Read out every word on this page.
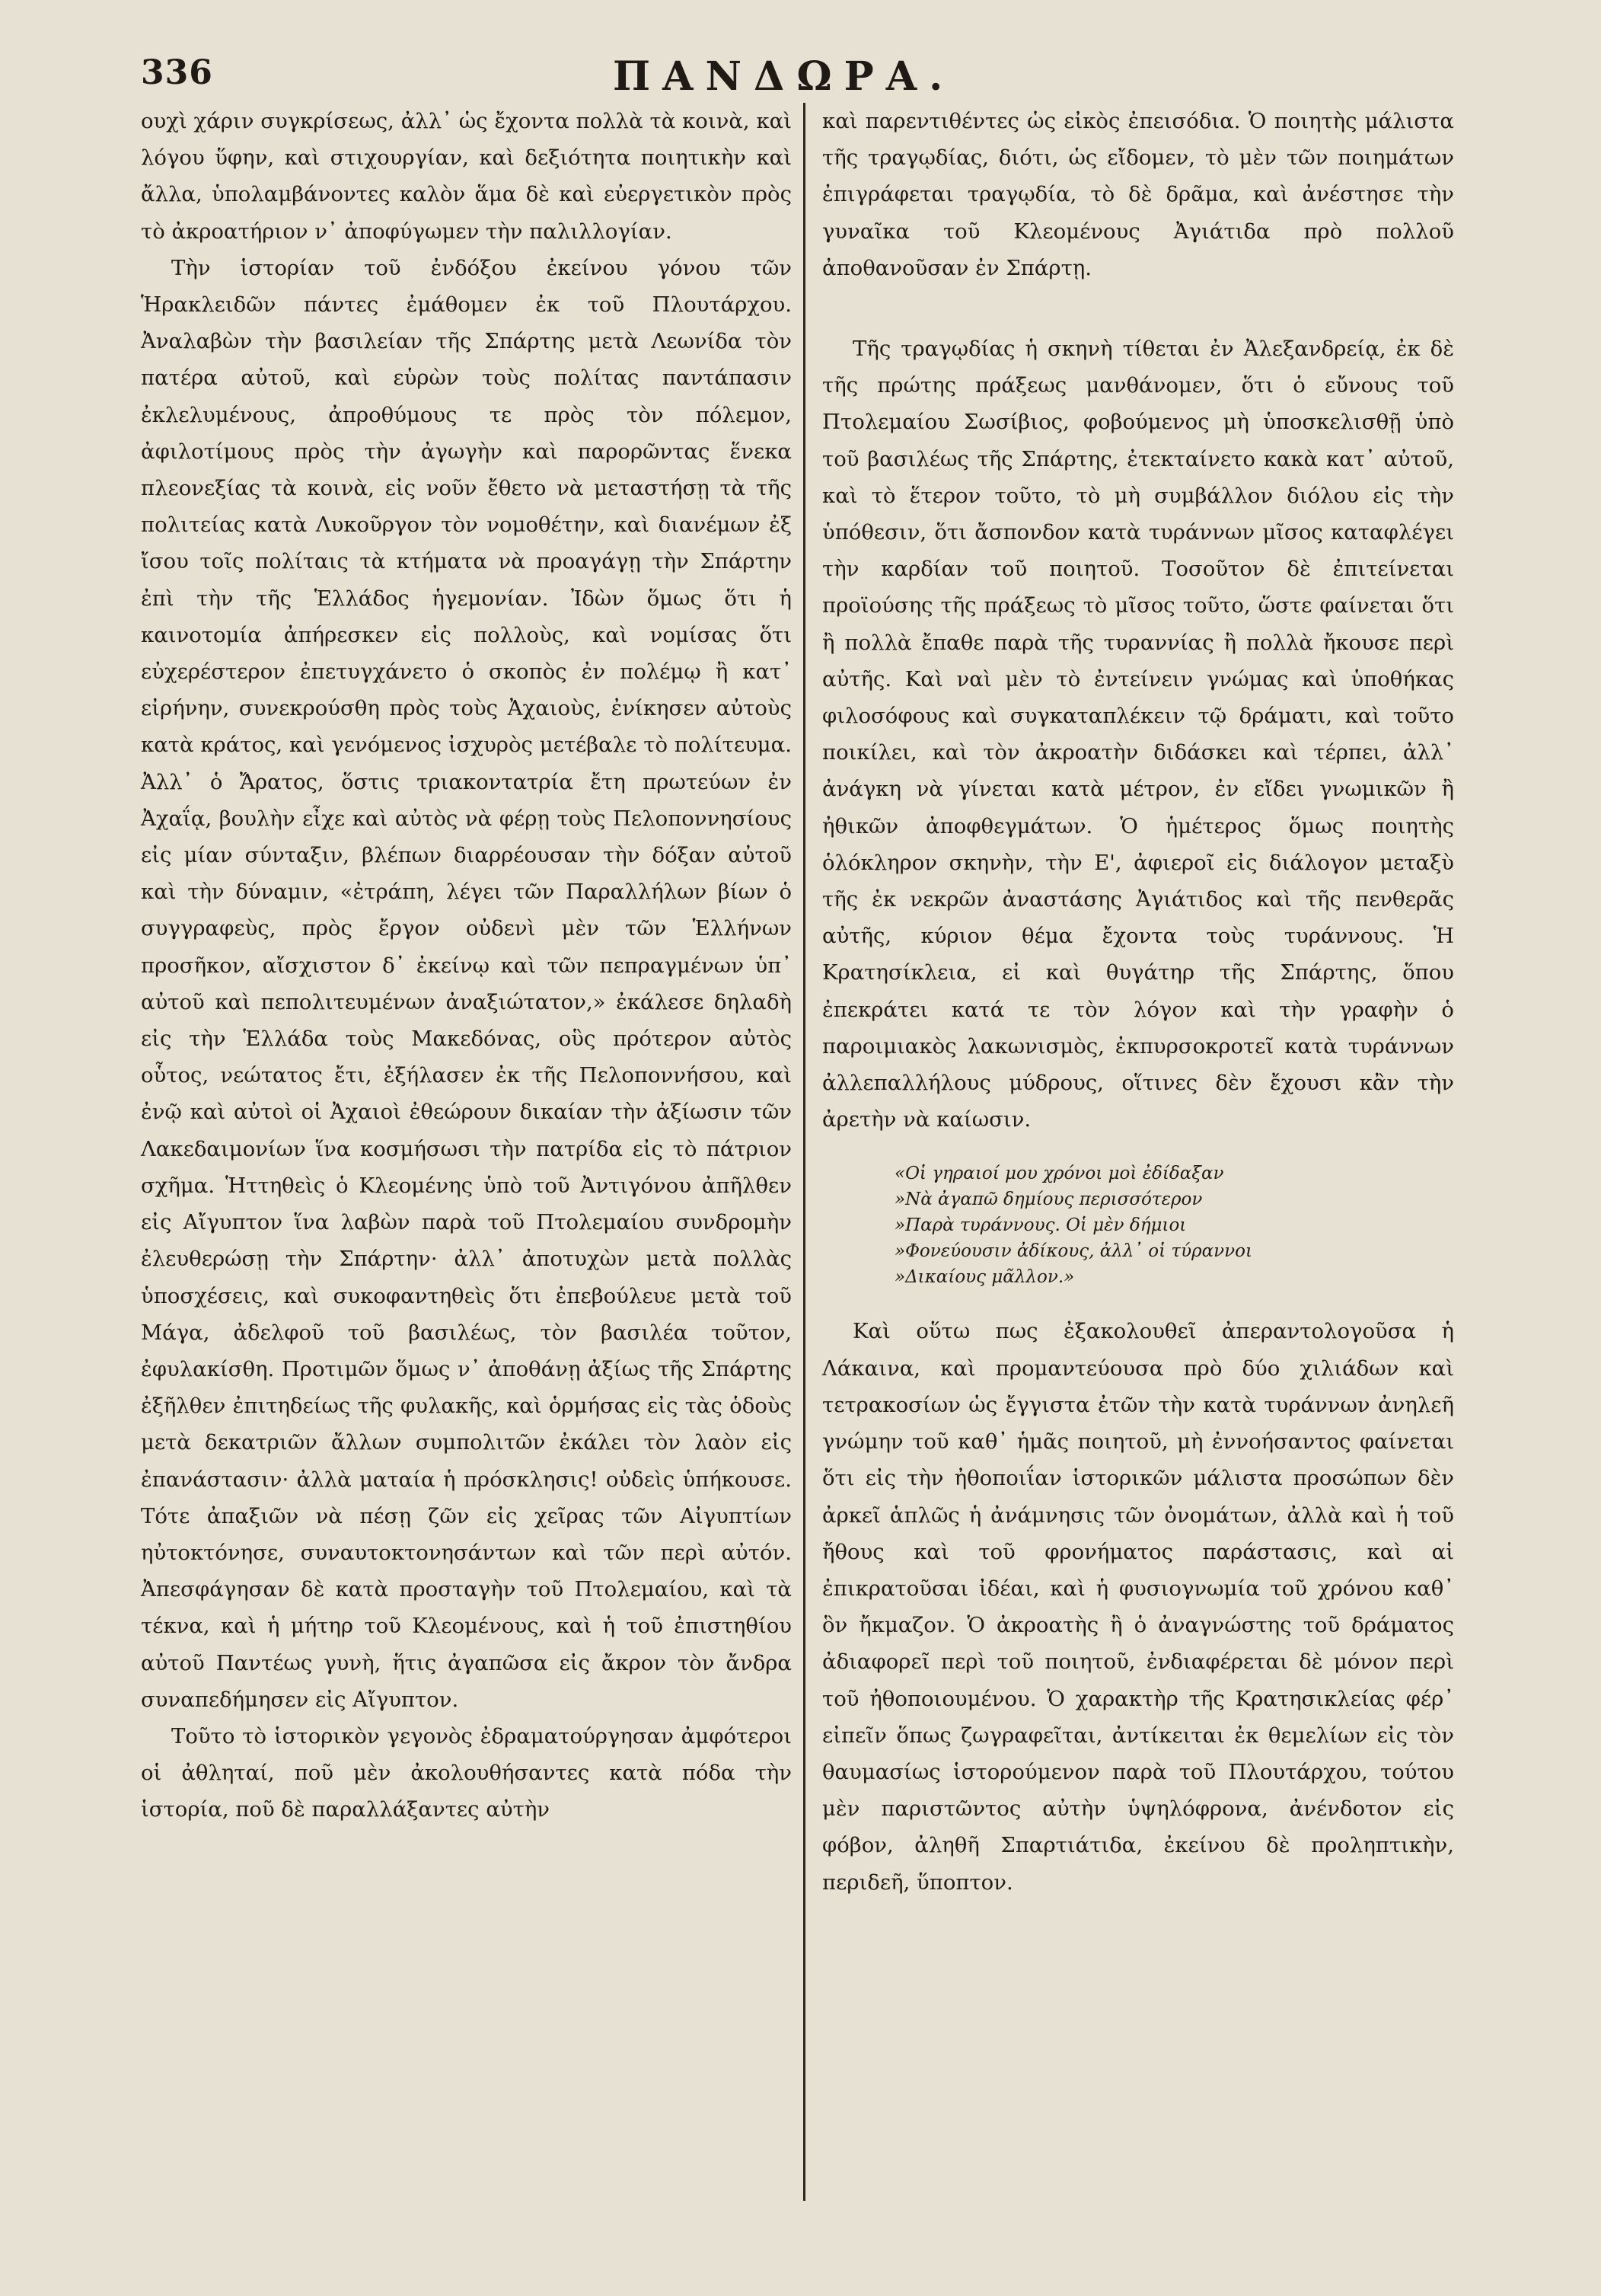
336	ΠΑΝΔΩΡΑ.

ουχὶ χάριν συγκρίσεως, ἀλλ᾽ ὡς ἔχοντα πολλὰ τὰ κοινὰ, καὶ λόγου ὕφην, καὶ στιχουργίαν, καὶ δεξιότητα ποιητικὴν καὶ ἄλλα, ὑπολαμβάνοντες καλὸν ἅμα δὲ καὶ εὐεργετικὸν πρὸς τὸ ἀκροατήριον ν᾽ ἀποφύγωμεν τὴν παλιλλογίαν.

Τὴν ἱστορίαν τοῦ ἐνδόξου ἐκείνου γόνου τῶν Ἡρακλειδῶν πάντες ἐμάθομεν ἐκ τοῦ Πλουτάρχου. Ἀναλαβὼν τὴν βασιλείαν τῆς Σπάρτης μετὰ Λεωνίδα τὸν πατέρα αὐτοῦ, καὶ εὑρὼν τοὺς πολίτας παντάπασιν ἐκλελυμένους, ἀπροθύμους τε πρὸς τὸν πόλεμον, ἀφιλοτίμους πρὸς τὴν ἀγωγὴν καὶ παρορῶντας ἕνεκα πλεονεξίας τὰ κοινὰ, εἰς νοῦν ἔθετο νὰ μεταστήσῃ τὰ τῆς πολιτείας κατὰ Λυκοῦργον τὸν νομοθέτην, καὶ διανέμων ἐξ ἴσου τοῖς πολίταις τὰ κτήματα νὰ προαγάγῃ τὴν Σπάρτην ἐπὶ τὴν τῆς Ἑλλάδος ἡγεμονίαν. Ἰδὼν ὅμως ὅτι ἡ καινοτομία ἀπήρεσκεν εἰς πολλοὺς, καὶ νομίσας ὅτι εὐχερέστερον ἐπετυγχάνετο ὁ σκοπὸς ἐν πολέμῳ ἢ κατ᾽ εἰρήνην, συνεκρούσθη πρὸς τοὺς Ἀχαιοὺς, ἐνίκησεν αὐτοὺς κατὰ κράτος, καὶ γενόμενος ἰσχυρὸς μετέβαλε τὸ πολίτευμα. Ἀλλ᾽ ὁ Ἄρατος, ὅστις τριακοντατρία ἔτη πρωτεύων ἐν Ἀχαΐᾳ, βουλὴν εἶχε καὶ αὐτὸς νὰ φέρῃ τοὺς Πελοποννησίους εἰς μίαν σύνταξιν, βλέπων διαρρέουσαν τὴν δόξαν αὐτοῦ καὶ τὴν δύναμιν, «ἐτράπη, λέγει τῶν Παραλλήλων βίων ὁ συγγραφεὺς, πρὸς ἔργον οὐδενὶ μὲν τῶν Ἑλλήνων προσῆκον, αἴσχιστον δ᾽ ἐκείνῳ καὶ τῶν πεπραγμένων ὑπ᾽ αὐτοῦ καὶ πεπολιτευμένων ἀναξιώτατον,» ἐκάλεσε δηλαδὴ εἰς τὴν Ἑλλάδα τοὺς Μακεδόνας, οὓς πρότερον αὐτὸς οὗτος, νεώτατος ἔτι, ἐξήλασεν ἐκ τῆς Πελοποννήσου, καὶ ἐνῷ καὶ αὐτοὶ οἱ Ἀχαιοὶ ἐθεώρουν δικαίαν τὴν ἀξίωσιν τῶν Λακεδαιμονίων ἵνα κοσμήσωσι τὴν πατρίδα εἰς τὸ πάτριον σχῆμα. Ἡττηθεὶς ὁ Κλεομένης ὑπὸ τοῦ Ἀντιγόνου ἀπῆλθεν εἰς Αἴγυπτον ἵνα λαβὼν παρὰ τοῦ Πτολεμαίου συνδρομὴν ἐλευθερώσῃ τὴν Σπάρτην· ἀλλ᾽ ἀποτυχὼν μετὰ πολλὰς ὑποσχέσεις, καὶ συκοφαντηθεὶς ὅτι ἐπεβούλευε μετὰ τοῦ Μάγα, ἀδελφοῦ τοῦ βασιλέως, τὸν βασιλέα τοῦτον, ἐφυλακίσθη. Προτιμῶν ὅμως ν᾽ ἀποθάνῃ ἀξίως τῆς Σπάρτης ἐξῆλθεν ἐπιτηδείως τῆς φυλακῆς, καὶ ὁρμήσας εἰς τὰς ὁδοὺς μετὰ δεκατριῶν ἄλλων συμπολιτῶν ἐκάλει τὸν λαὸν εἰς ἐπανάστασιν· ἀλλὰ ματαία ἡ πρόσκλησις! οὐδεὶς ὑπήκουσε. Τότε ἀπαξιῶν νὰ πέσῃ ζῶν εἰς χεῖρας τῶν Αἰγυπτίων ηὐτοκτόνησε, συναυτοκτονησάντων καὶ τῶν περὶ αὐτόν. Ἀπεσφάγησαν δὲ κατὰ προσταγὴν τοῦ Πτολεμαίου, καὶ τὰ τέκνα, καὶ ἡ μήτηρ τοῦ Κλεομένους, καὶ ἡ τοῦ ἐπιστηθίου αὐτοῦ Παντέως γυνὴ, ἥτις ἀγαπῶσα εἰς ἄκρον τὸν ἄνδρα συναπεδήμησεν εἰς Αἴγυπτον.

Τοῦτο τὸ ἱστορικὸν γεγονὸς ἐδραματούργησαν ἀμφότεροι οἱ ἀθληταί, ποῦ μὲν ἀκολουθήσαντες κατὰ πόδα τὴν ἱστορία, ποῦ δὲ παραλλάξαντες αὐτὴν

καὶ παρεντιθέντες ὡς εἰκὸς ἐπεισόδια. Ὁ ποιητὴς μάλιστα τῆς τραγῳδίας, διότι, ὡς εἴδομεν, τὸ μὲν τῶν ποιημάτων ἐπιγράφεται τραγῳδία, τὸ δὲ δρᾶμα, καὶ ἀνέστησε τὴν γυναῖκα τοῦ Κλεομένους Ἀγιάτιδα πρὸ πολλοῦ ἀποθανοῦσαν ἐν Σπάρτῃ.

Τῆς τραγῳδίας ἡ σκηνὴ τίθεται ἐν Ἀλεξανδρείᾳ, ἐκ δὲ τῆς πρώτης πράξεως μανθάνομεν, ὅτι ὁ εὔνους τοῦ Πτολεμαίου Σωσίβιος, φοβούμενος μὴ ὑποσκελισθῇ ὑπὸ τοῦ βασιλέως τῆς Σπάρτης, ἐτεκταίνετο κακὰ κατ᾽ αὐτοῦ, καὶ τὸ ἕτερον τοῦτο, τὸ μὴ συμβάλλον διόλου εἰς τὴν ὑπόθεσιν, ὅτι ἄσπονδον κατὰ τυράννων μῖσος καταφλέγει τὴν καρδίαν τοῦ ποιητοῦ. Τοσοῦτον δὲ ἐπιτείνεται προϊούσης τῆς πράξεως τὸ μῖσος τοῦτο, ὥστε φαίνεται ὅτι ἢ πολλὰ ἔπαθε παρὰ τῆς τυραννίας ἢ πολλὰ ἤκουσε περὶ αὐτῆς. Καὶ ναὶ μὲν τὸ ἐντείνειν γνώμας καὶ ὑποθήκας φιλοσόφους καὶ συγκαταπλέκειν τῷ δράματι, καὶ τοῦτο ποικίλει, καὶ τὸν ἀκροατὴν διδάσκει καὶ τέρπει, ἀλλ᾽ ἀνάγκη νὰ γίνεται κατὰ μέτρον, ἐν εἴδει γνωμικῶν ἢ ἠθικῶν ἀποφθεγμάτων. Ὁ ἡμέτερος ὅμως ποιητὴς ὁλόκληρον σκηνὴν, τὴν Ε', ἀφιεροῖ εἰς διάλογον μεταξὺ τῆς ἐκ νεκρῶν ἀναστάσης Ἀγιάτιδος καὶ τῆς πενθερᾶς αὐτῆς, κύριον θέμα ἔχοντα τοὺς τυράννους. Ἡ Κρατησίκλεια, εἰ καὶ θυγάτηρ τῆς Σπάρτης, ὅπου ἐπεκράτει κατά τε τὸν λόγον καὶ τὴν γραφὴν ὁ παροιμιακὸς λακωνισμὸς, ἐκπυρσοκροτεῖ κατὰ τυράννων ἀλλεπαλλήλους μύδρους, οἵτινες δὲν ἔχουσι κἂν τὴν ἀρετὴν νὰ καίωσιν.

«Οἱ γηραιοί μου χρόνοι μοὶ ἐδίδαξαν
»Νὰ ἀγαπῶ δημίους περισσότερον
»Παρὰ τυράννους. Οἱ μὲν δήμιοι
»Φονεύουσιν ἀδίκους, ἀλλ᾽ οἱ τύραννοι
»Δικαίους μᾶλλον.»

Καὶ οὕτω πως ἐξακολουθεῖ ἀπεραντολογοῦσα ἡ Λάκαινα, καὶ προμαντεύουσα πρὸ δύο χιλιάδων καὶ τετρακοσίων ὡς ἔγγιστα ἐτῶν τὴν κατὰ τυράννων ἀνηλεῆ γνώμην τοῦ καθ᾽ ἡμᾶς ποιητοῦ, μὴ ἐννοήσαντος φαίνεται ὅτι εἰς τὴν ἠθοποιΐαν ἱστορικῶν μάλιστα προσώπων δὲν ἀρκεῖ ἁπλῶς ἡ ἀνάμνησις τῶν ὀνομάτων, ἀλλὰ καὶ ἡ τοῦ ἤθους καὶ τοῦ φρονήματος παράστασις, καὶ αἱ ἐπικρατοῦσαι ἰδέαι, καὶ ἡ φυσιογνωμία τοῦ χρόνου καθ᾽ ὃν ἤκμαζον. Ὁ ἀκροατὴς ἢ ὁ ἀναγνώστης τοῦ δράματος ἀδιαφορεῖ περὶ τοῦ ποιητοῦ, ἐνδιαφέρεται δὲ μόνον περὶ τοῦ ἠθοποιουμένου. Ὁ χαρακτὴρ τῆς Κρατησικλείας φέρ᾽ εἰπεῖν ὅπως ζωγραφεῖται, ἀντίκειται ἐκ θεμελίων εἰς τὸν θαυμασίως ἱστορούμενον παρὰ τοῦ Πλουτάρχου, τούτου μὲν παριστῶντος αὐτὴν ὑψηλόφρονα, ἀνένδοτον εἰς φόβον, ἀληθῆ Σπαρτιάτιδα, ἐκείνου δὲ προληπτικὴν, περιδεῆ, ὕποπτον.
